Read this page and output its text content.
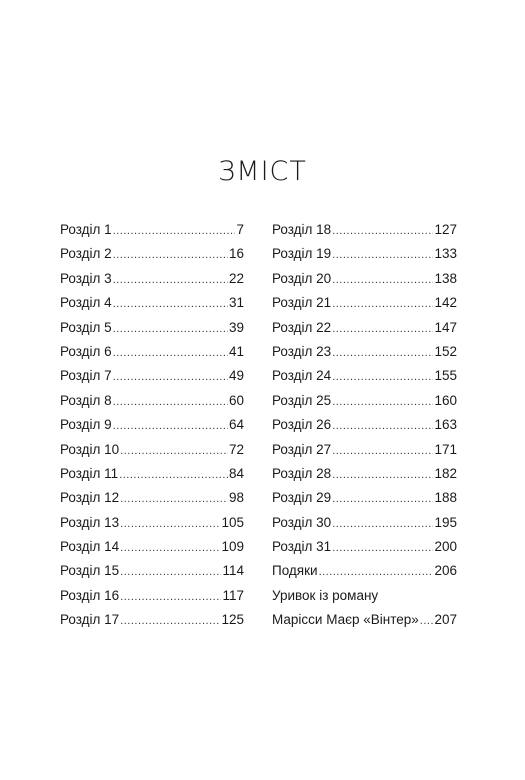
ЗМІСТ
Розділ 1 .....	7
Розділ 2 .....	16
Розділ 3 .....	22
Розділ 4 .....	31
Розділ 5 .....	39
Розділ 6 .....	41
Розділ 7 .....	49
Розділ 8 .....	60
Розділ 9 .....	64
Розділ 10 .....	72
Розділ 11 .....	84
Розділ 12 .....	98
Розділ 13 .....	105
Розділ 14 .....	109
Розділ 15 .....	114
Розділ 16 .....	117
Розділ 17 .....	125
Розділ 18 .....	127
Розділ 19 .....	133
Розділ 20 .....	138
Розділ 21 .....	142
Розділ 22 .....	147
Розділ 23 .....	152
Розділ 24 .....	155
Розділ 25 .....	160
Розділ 26 .....	163
Розділ 27 .....	171
Розділ 28 .....	182
Розділ 29 .....	188
Розділ 30 .....	195
Розділ 31 .....	200
Подяки .....	206
Уривок із роману
Марісси Маєр «Вінтер» ..... 207
